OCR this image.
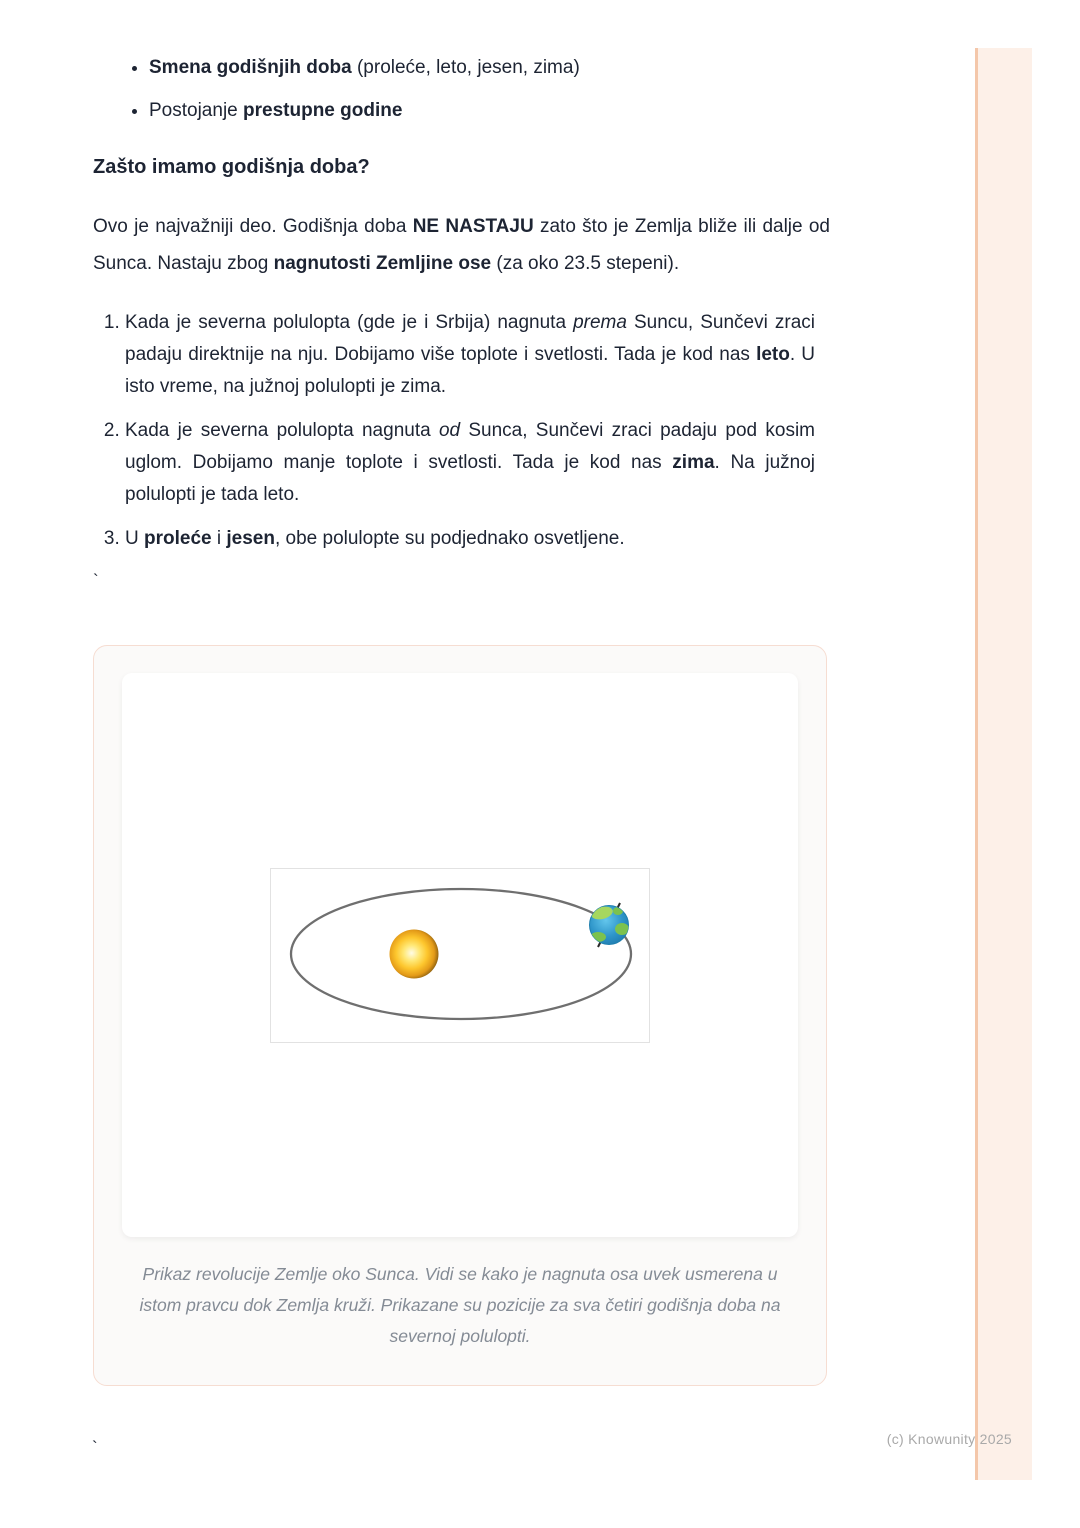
• Smena godišnjih doba (proleće, leto, jesen, zima)
• Postojanje prestupne godine
Zašto imamo godišnja doba?

Ovo je najvažniji deo. Godišnja doba NE NASTAJU zato što je Zemlja bliže ili dalje od Sunca. Nastaju zbog nagnutosti Zemljine ose (za oko 23.5 stepeni).

1. Kada je severna polulopta (gde je i Srbija) nagnuta prema Suncu, Sunčevi zraci padaju direktnije na nju. Dobijamo više toplote i svetlosti. Tada je kod nas leto. U isto vreme, na južnoj polulopti je zima.
2. Kada je severna polulopta nagnuta od Sunca, Sunčevi zraci padaju pod kosim uglom. Dobijamo manje toplote i svetlosti. Tada je kod nas zima. Na južnoj polulopti je tada leto.
3. U proleće i jesen, obe polulopte su podjednako osvetljene.

`

Prikaz revolucije Zemlje oko Sunca. Vidi se kako je nagnuta osa uvek usmerena u istom pravcu dok Zemlja kruži. Prikazane su pozicije za sva četiri godišnja doba na severnoj polulopti.
(c) Knowunity 2025
`
